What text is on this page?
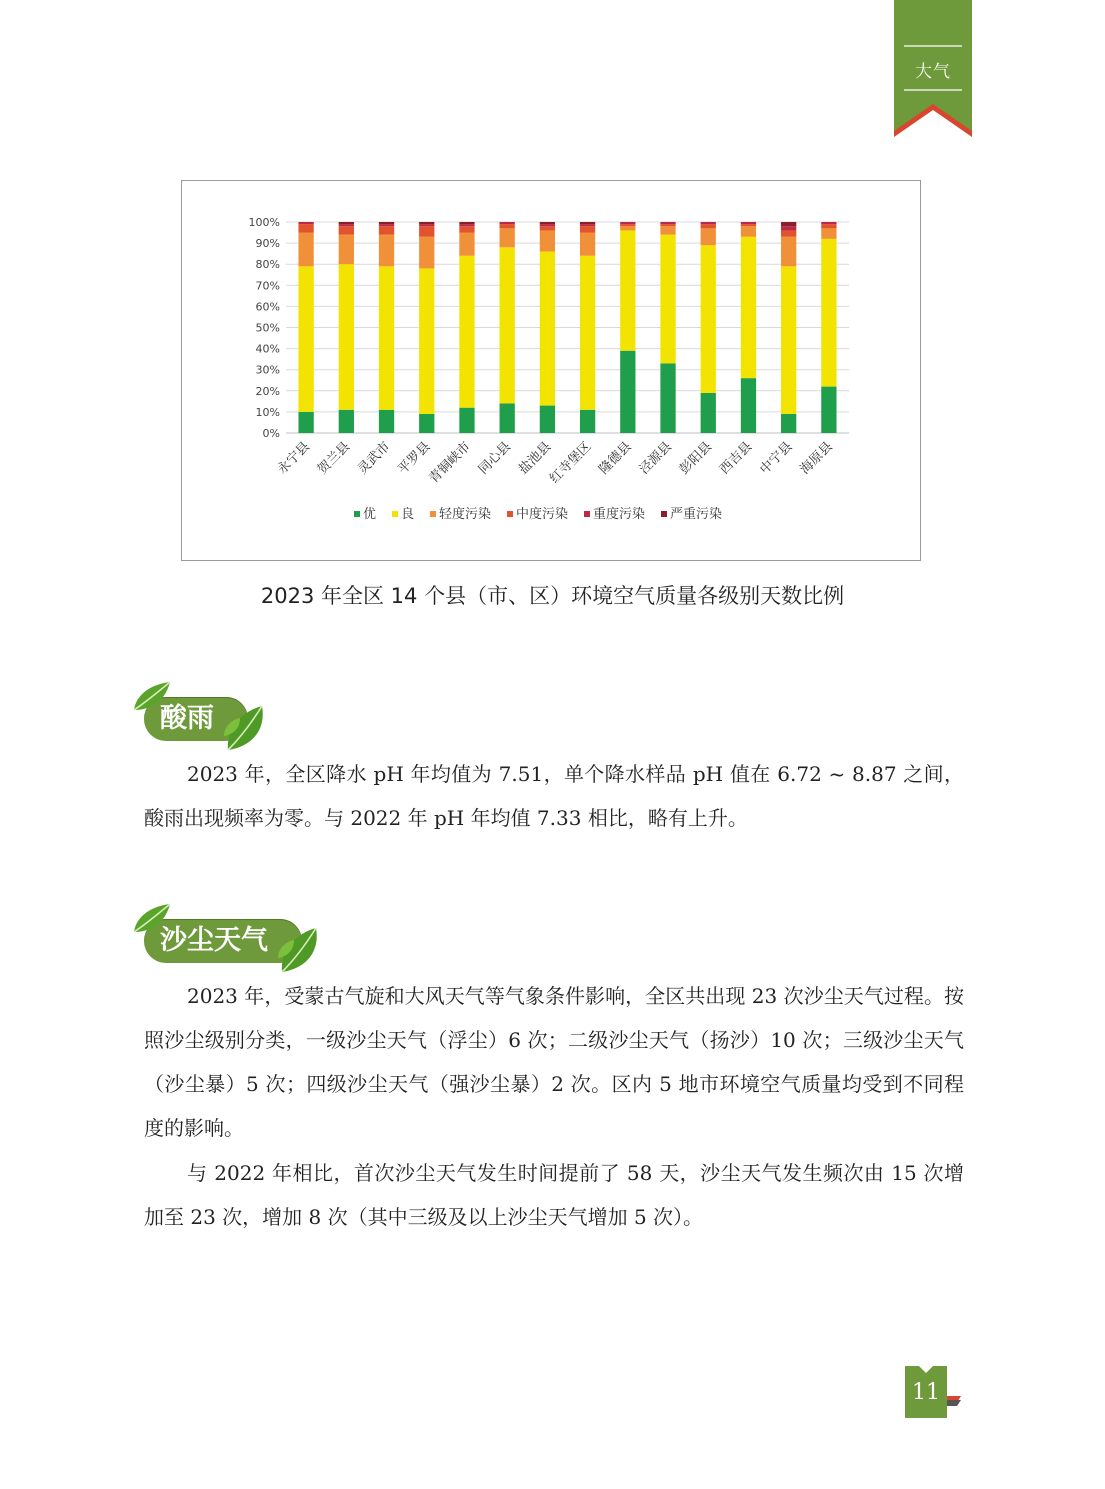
大气
0%
10%
20%
30%
40%
50%
60%
70%
80%
90%
100%
永宁县 贺兰县 灵武市 平罗县
青铜峡市 同心县 盐池县
红寺堡区 隆德县 泾源县 彭阳县 西吉县 中宁县 海原县
优 良 轻度污染 中度污染 重度污染 严重污染
2023 年全区 14 个县（市、区）环境空气质量各级别天数比例
酸雨
2023 年，全区降水 pH 年均值为 7.51，单个降水样品 pH 值在 6.72 ~ 8.87 之间，酸雨出现频率为零。与 2022 年 pH 年均值 7.33 相比，略有上升。
沙尘天气
2023 年，受蒙古气旋和大风天气等气象条件影响，全区共出现 23 次沙尘天气过程。按照沙尘级别分类，一级沙尘天气（浮尘）6 次；二级沙尘天气（扬沙）10 次；三级沙尘天气（沙尘暴）5 次；四级沙尘天气（强沙尘暴）2 次。区内 5 地市环境空气质量均受到不同程度的影响。
与 2022 年相比，首次沙尘天气发生时间提前了 58 天，沙尘天气发生频次由 15 次增加至 23 次，增加 8 次（其中三级及以上沙尘天气增加 5 次）。
11
